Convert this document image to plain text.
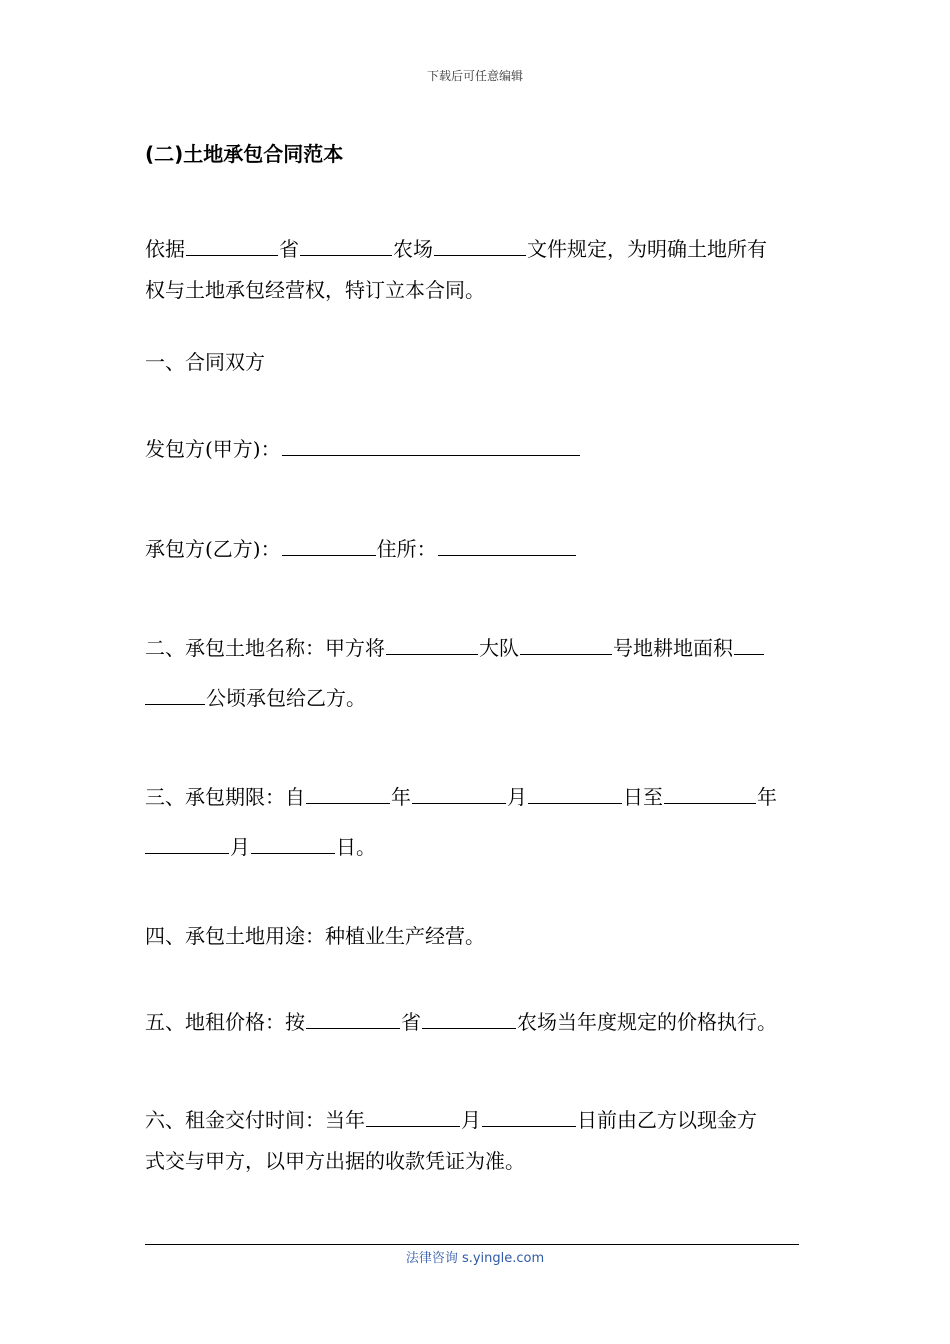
下载后可任意编辑
(二)土地承包合同范本
依据	省	农场	文件规定，为明确土地所有
权与土地承包经营权，特订立本合同。
一、合同双方
发包方(甲方)：
承包方(乙方)：	住所：
二、承包土地名称：甲方将	大队	号地耕地面积
公顷承包给乙方。
三、承包期限：自	年	月	日至	年
月	日。
四、承包土地用途：种植业生产经营。
五、地租价格：按	省	农场当年度规定的价格执行。
六、租金交付时间：当年	月	日前由乙方以现金方
式交与甲方，以甲方出据的收款凭证为准。
法律咨询 s.yingle.com
